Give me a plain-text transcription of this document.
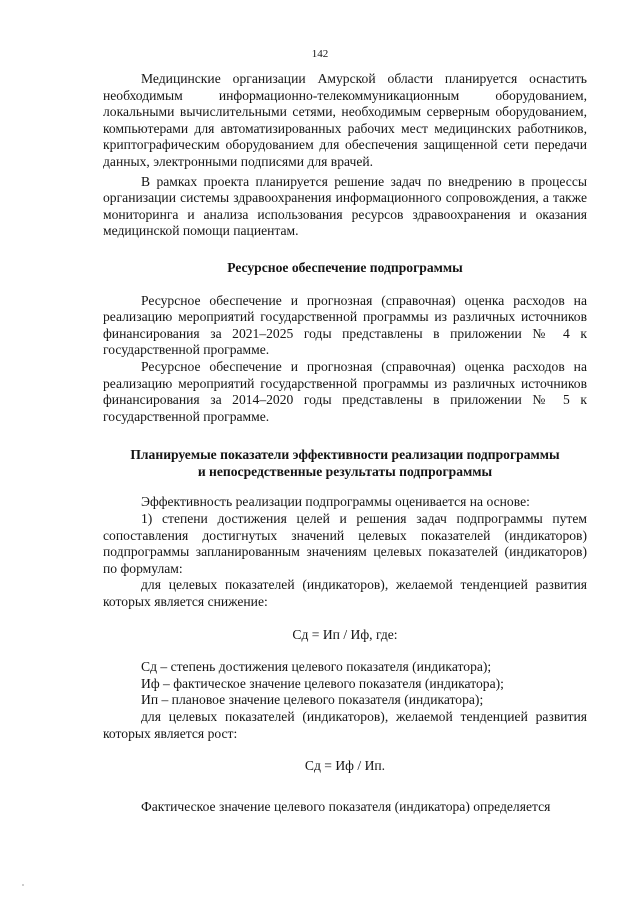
142

Медицинские организации Амурской области планируется оснастить необходимым информационно-телекоммуникационным оборудованием, локальными вычислительными сетями, необходимым серверным оборудованием, компьютерами для автоматизированных рабочих мест медицинских работников, криптографическим оборудованием для обеспечения защищенной сети передачи данных, электронными подписями для врачей.

В рамках проекта планируется решение задач по внедрению в процессы организации системы здравоохранения информационного сопровождения, а также мониторинга и анализа использования ресурсов здравоохранения и оказания медицинской помощи пациентам.

Ресурсное обеспечение подпрограммы

Ресурсное обеспечение и прогнозная (справочная) оценка расходов на реализацию мероприятий государственной программы из различных источников финансирования за 2021–2025 годы представлены в приложении № 4 к государственной программе.

Ресурсное обеспечение и прогнозная (справочная) оценка расходов на реализацию мероприятий государственной программы из различных источников финансирования за 2014–2020 годы представлены в приложении № 5 к государственной программе.

Планируемые показатели эффективности реализации подпрограммы
и непосредственные результаты подпрограммы

Эффективность реализации подпрограммы оценивается на основе:

1) степени достижения целей и решения задач подпрограммы путем сопоставления достигнутых значений целевых показателей (индикаторов) подпрограммы запланированным значениям целевых показателей (индикаторов) по формулам:

для целевых показателей (индикаторов), желаемой тенденцией развития которых является снижение:

Сд = Ип / Иф, где:

Сд – степень достижения целевого показателя (индикатора);

Иф – фактическое значение целевого показателя (индикатора);

Ип – плановое значение целевого показателя (индикатора);

для целевых показателей (индикаторов), желаемой тенденцией развития которых является рост:

Сд = Иф / Ип.

Фактическое значение целевого показателя (индикатора) определяется
